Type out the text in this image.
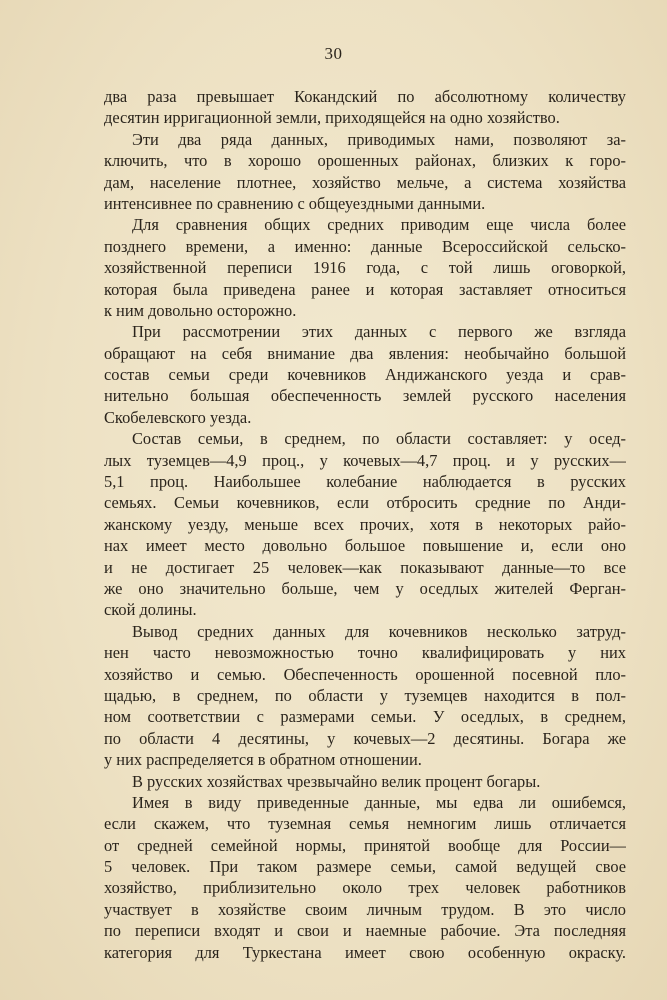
30
два раза превышает Кокандский по абсолютному количеству
десятин ирригационной земли, приходящейся на одно хозяйство.
Эти два ряда данных, приводимых нами, позволяют за-
ключить, что в хорошо орошенных районах, близких к горо-
дам, население плотнее, хозяйство мельче, а система хозяйства
интенсивнее по сравнению с общеуездными данными.
Для сравнения общих средних приводим еще числа более
позднего времени, а именно: данные Всероссийской сельско-
хозяйственной переписи 1916 года, с той лишь оговоркой,
которая была приведена ранее и которая заставляет относиться
к ним довольно осторожно.
При рассмотрении этих данных с первого же взгляда
обращают на себя внимание два явления: необычайно большой
состав семьи среди кочевников Андижанского уезда и срав-
нительно большая обеспеченность землей русского населения
Скобелевского уезда.
Состав семьи, в среднем, по области составляет: у осед-
лых туземцев—4,9 проц., у кочевых—4,7 проц. и у русских—
5,1 проц. Наибольшее колебание наблюдается в русских
семьях. Семьи кочевников, если отбросить средние по Анди-
жанскому уезду, меньше всех прочих, хотя в некоторых райо-
нах имеет место довольно большое повышение и, если оно
и не достигает 25 человек—как показывают данные—то все
же оно значительно больше, чем у оседлых жителей Ферган-
ской долины.
Вывод средних данных для кочевников несколько затруд-
нен часто невозможностью точно квалифицировать у них
хозяйство и семью. Обеспеченность орошенной посевной пло-
щадью, в среднем, по области у туземцев находится в пол-
ном соответствии с размерами семьи. У оседлых, в среднем,
по области 4 десятины, у кочевых—2 десятины. Богара же
у них распределяется в обратном отношении.
В русских хозяйствах чрезвычайно велик процент богары.
Имея в виду приведенные данные, мы едва ли ошибемся,
если скажем, что туземная семья немногим лишь отличается
от средней семейной нормы, принятой вообще для России—
5 человек. При таком размере семьи, самой ведущей свое
хозяйство, приблизительно около трех человек работников
участвует в хозяйстве своим личным трудом. В это число
по переписи входят и свои и наемные рабочие. Эта последняя
категория для Туркестана имеет свою особенную окраску.
